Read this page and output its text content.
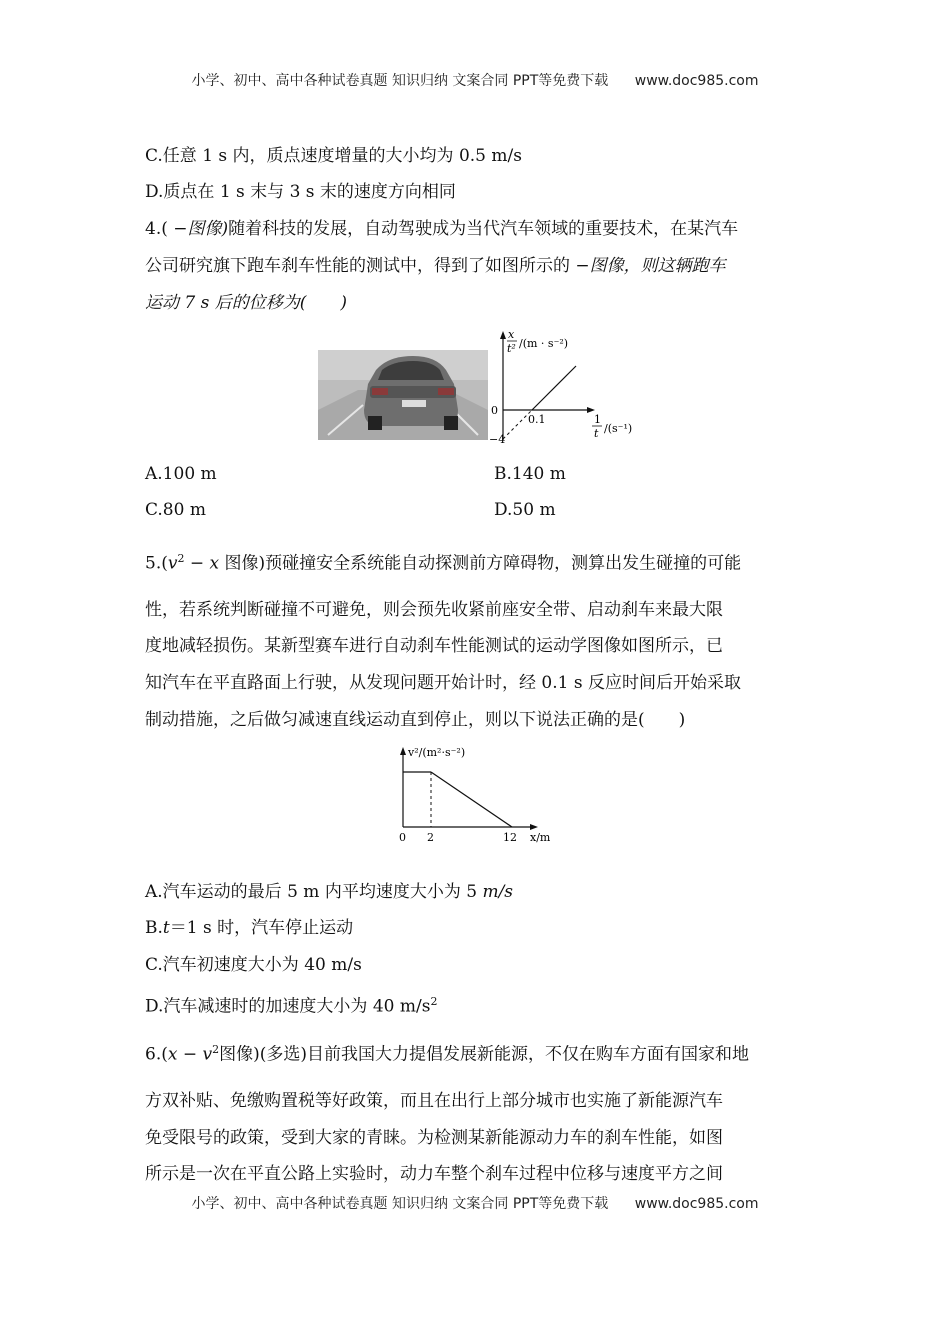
小学、初中、高中各种试卷真题 知识归纳 文案合同 PPT等免费下载 www.doc985.com
C.任意 1 s 内，质点速度增量的大小均为 0.5 m/s
D.质点在 1 s 末与 3 s 末的速度方向相同
4.( −图像)随着科技的发展，自动驾驶成为当代汽车领域的重要技术，在某汽车
公司研究旗下跑车刹车性能的测试中，得到了如图所示的 −图像，则这辆跑车
运动 7 s 后的位移为(　　)
x
t² /(m · s⁻²)
0
0.1
−4
1
t /(s⁻¹)
A.100 m	B.140 m
C.80 m	D.50 m
$5.(v^2 - x$ 图像)预碰撞安全系统能自动探测前方障碍物，测算出发生碰撞的可能
性，若系统判断碰撞不可避免，则会预先收紧前座安全带、启动刹车来最大限
度地减轻损伤。某新型赛车进行自动刹车性能测试的运动学图像如图所示，已
知汽车在平直路面上行驶，从发现问题开始计时，经 0.1 s 反应时间后开始采取
制动措施，之后做匀减速直线运动直到停止，则以下说法正确的是(　　)
v²/(m²·s⁻²)
0 2	12 x/m
A.汽车运动的最后 5 m 内平均速度大小为 5 m/s
B.t＝1 s 时，汽车停止运动
C.汽车初速度大小为 40 m/s
D.汽车减速时的加速度大小为 40 $m/s^2$
$6.(x - v^2$图像)(多选)目前我国大力提倡发展新能源，不仅在购车方面有国家和地
方双补贴、免缴购置税等好政策，而且在出行上部分城市也实施了新能源汽车
免受限号的政策，受到大家的青睐。为检测某新能源动力车的刹车性能，如图
所示是一次在平直公路上实验时，动力车整个刹车过程中位移与速度平方之间
小学、初中、高中各种试卷真题 知识归纳 文案合同 PPT等免费下载 www.doc985.com
